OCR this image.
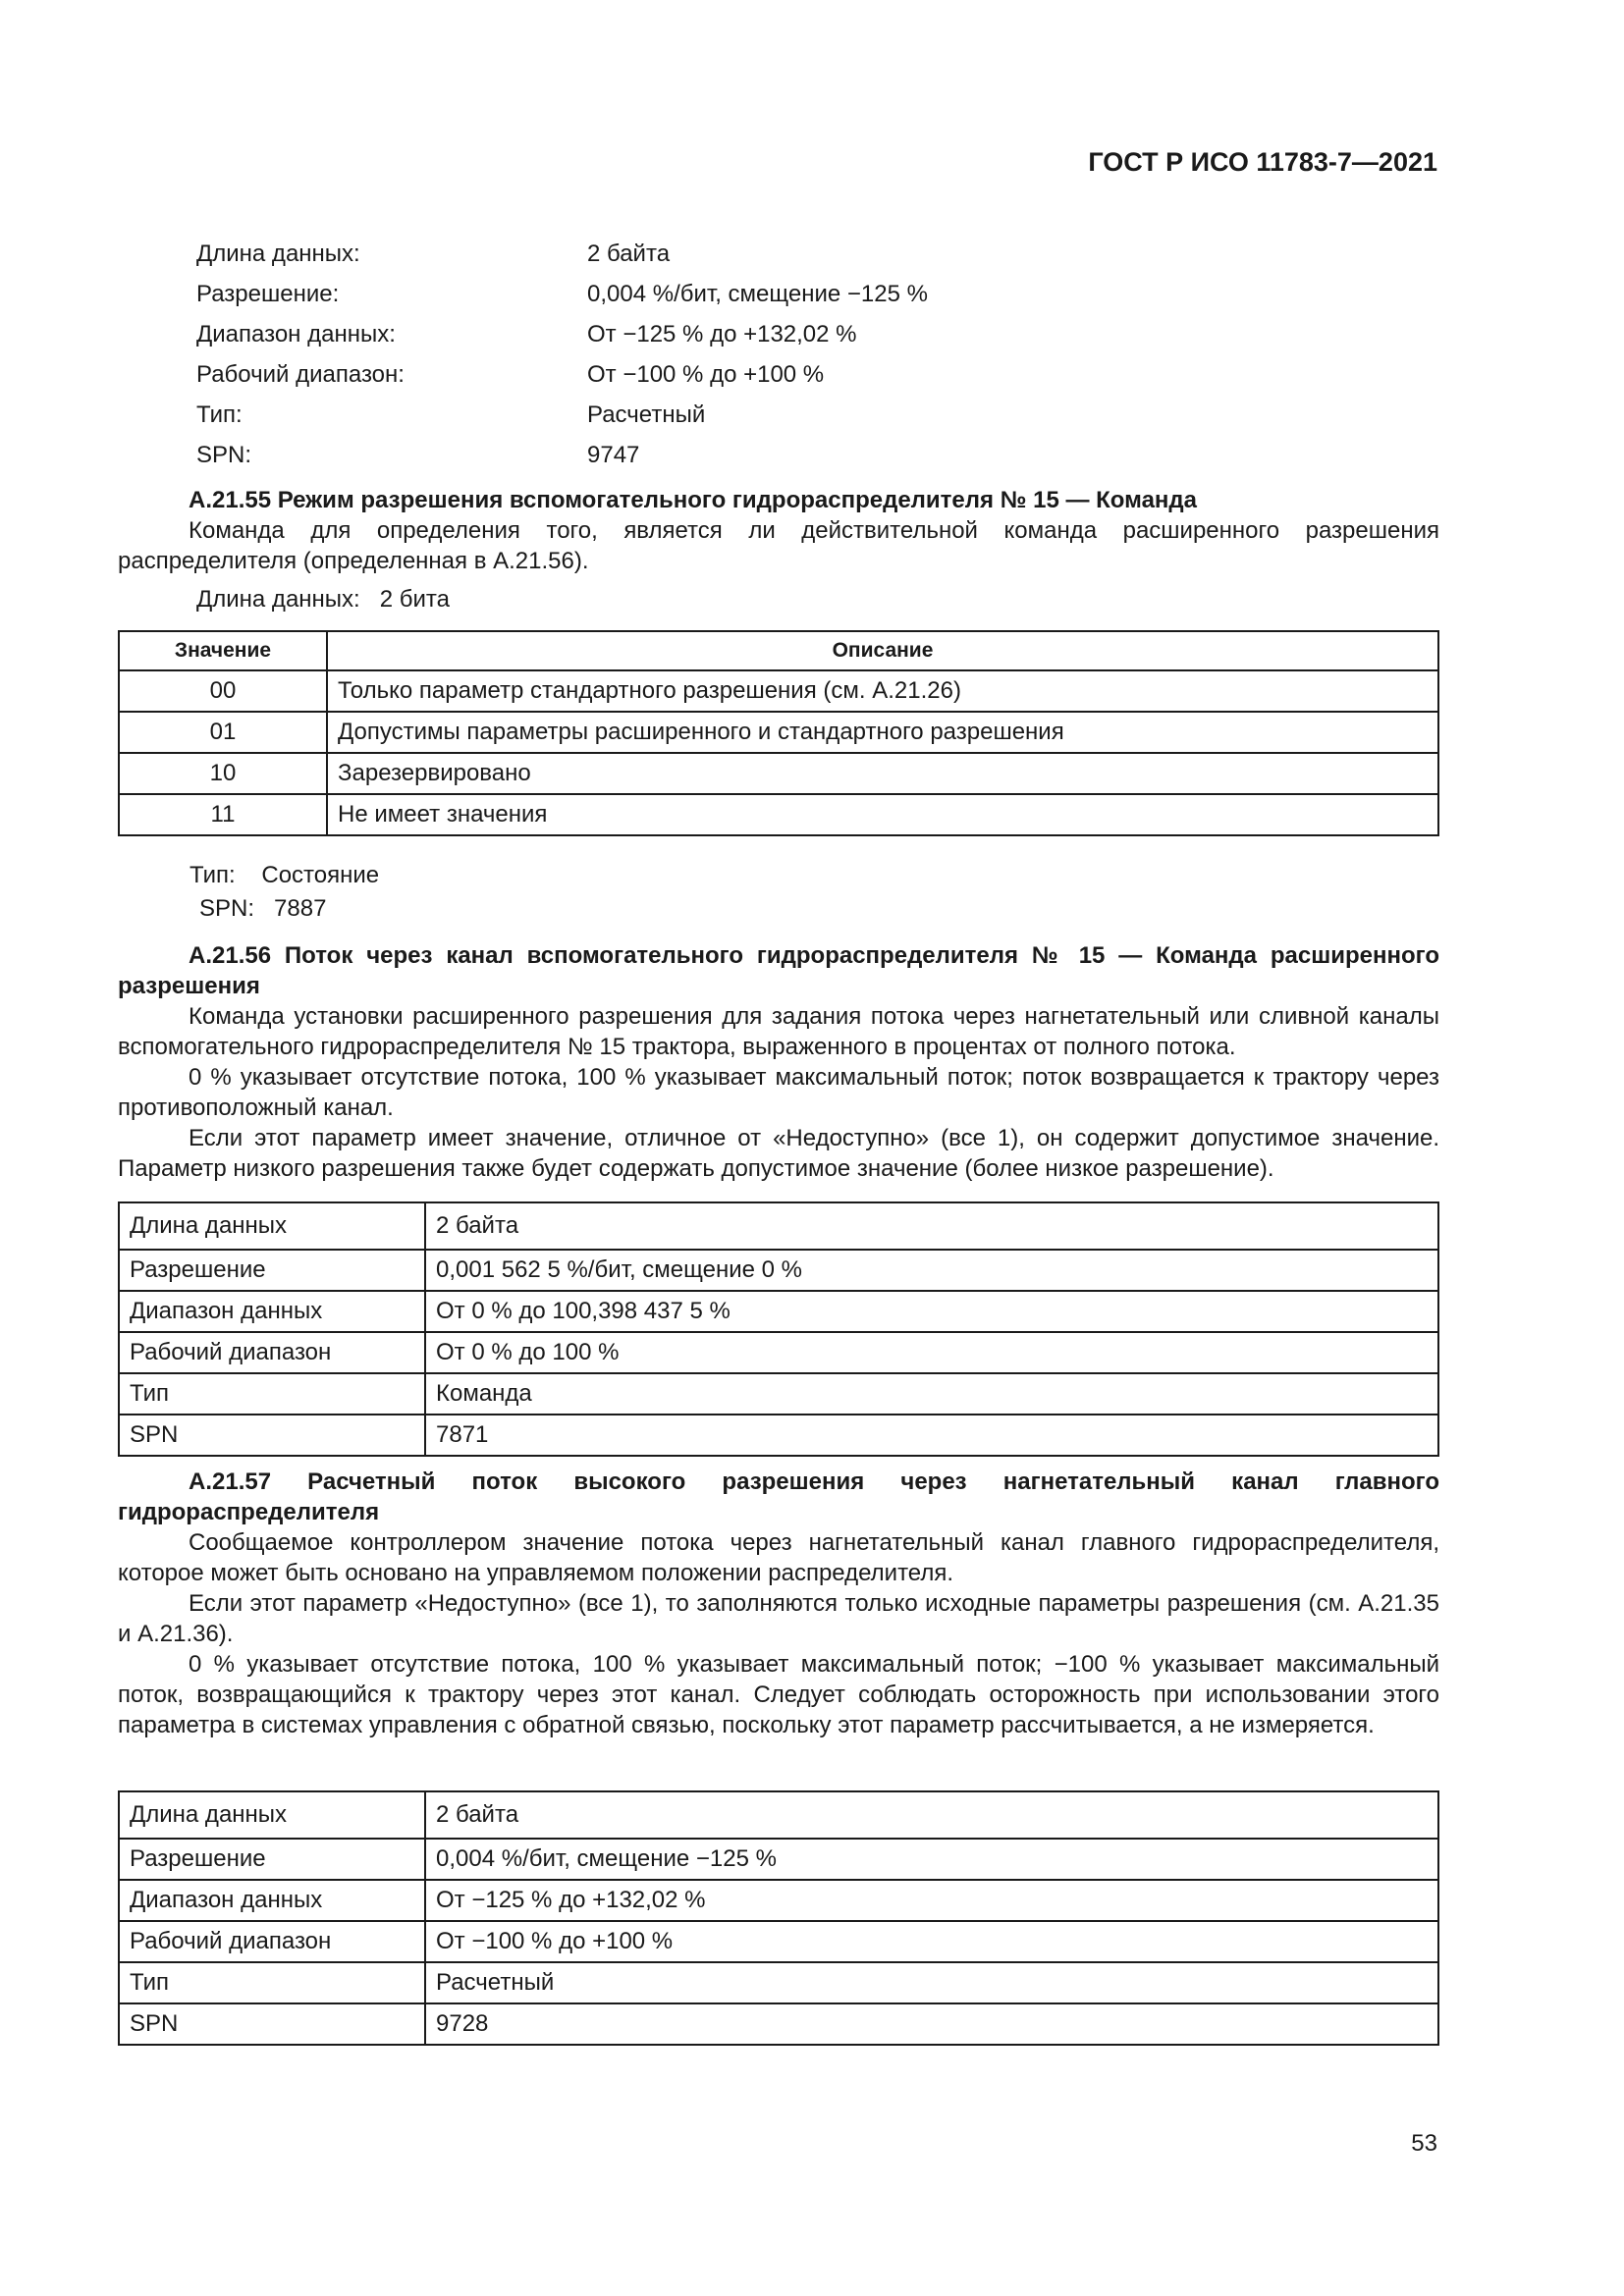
ГОСТ Р ИСО 11783-7—2021
Длина данных:	2 байта
Разрешение:	0,004 %/бит, смещение −125 %
Диапазон данных:	От −125 % до +132,02 %
Рабочий диапазон:	От −100 % до +100 %
Тип:	Расчетный
SPN:	9747
A.21.55 Режим разрешения вспомогательного гидрораспределителя № 15 — Команда

Команда для определения того, является ли действительной команда расширенного разрешения распределителя (определенная в A.21.56).

Длина данных: 2 бита
Значение	Описание
00	Только параметр стандартного разрешения (см. A.21.26)
01	Допустимы параметры расширенного и стандартного разрешения
10	Зарезервировано
11	Не имеет значения
Тип: Состояние
SPN: 7887
A.21.56 Поток через канал вспомогательного гидрораспределителя № 15 — Команда расширенного разрешения

Команда установки расширенного разрешения для задания потока через нагнетательный или сливной каналы вспомогательного гидрораспределителя № 15 трактора, выраженного в процентах от полного потока.

0 % указывает отсутствие потока, 100 % указывает максимальный поток; поток возвращается к трактору через противоположный канал.

Если этот параметр имеет значение, отличное от «Недоступно» (все 1), он содержит допустимое значение. Параметр низкого разрешения также будет содержать допустимое значение (более низкое разрешение).

Длина данных	2 байта
Разрешение	0,001 562 5 %/бит, смещение 0 %
Диапазон данных	От 0 % до 100,398 437 5 %
Рабочий диапазон	От 0 % до 100 %
Тип	Команда
SPN	7871
A.21.57 Расчетный поток высокого разрешения через нагнетательный канал главного гидрораспределителя

Сообщаемое контроллером значение потока через нагнетательный канал главного гидрораспределителя, которое может быть основано на управляемом положении распределителя.

Если этот параметр «Недоступно» (все 1), то заполняются только исходные параметры разрешения (см. A.21.35 и A.21.36).

0 % указывает отсутствие потока, 100 % указывает максимальный поток; −100 % указывает максимальный поток, возвращающийся к трактору через этот канал. Следует соблюдать осторожность при использовании этого параметра в системах управления с обратной связью, поскольку этот параметр рассчитывается, а не измеряется.

Длина данных	2 байта
Разрешение	0,004 %/бит, смещение −125 %
Диапазон данных	От −125 % до +132,02 %
Рабочий диапазон	От −100 % до +100 %
Тип	Расчетный
SPN	9728
53
